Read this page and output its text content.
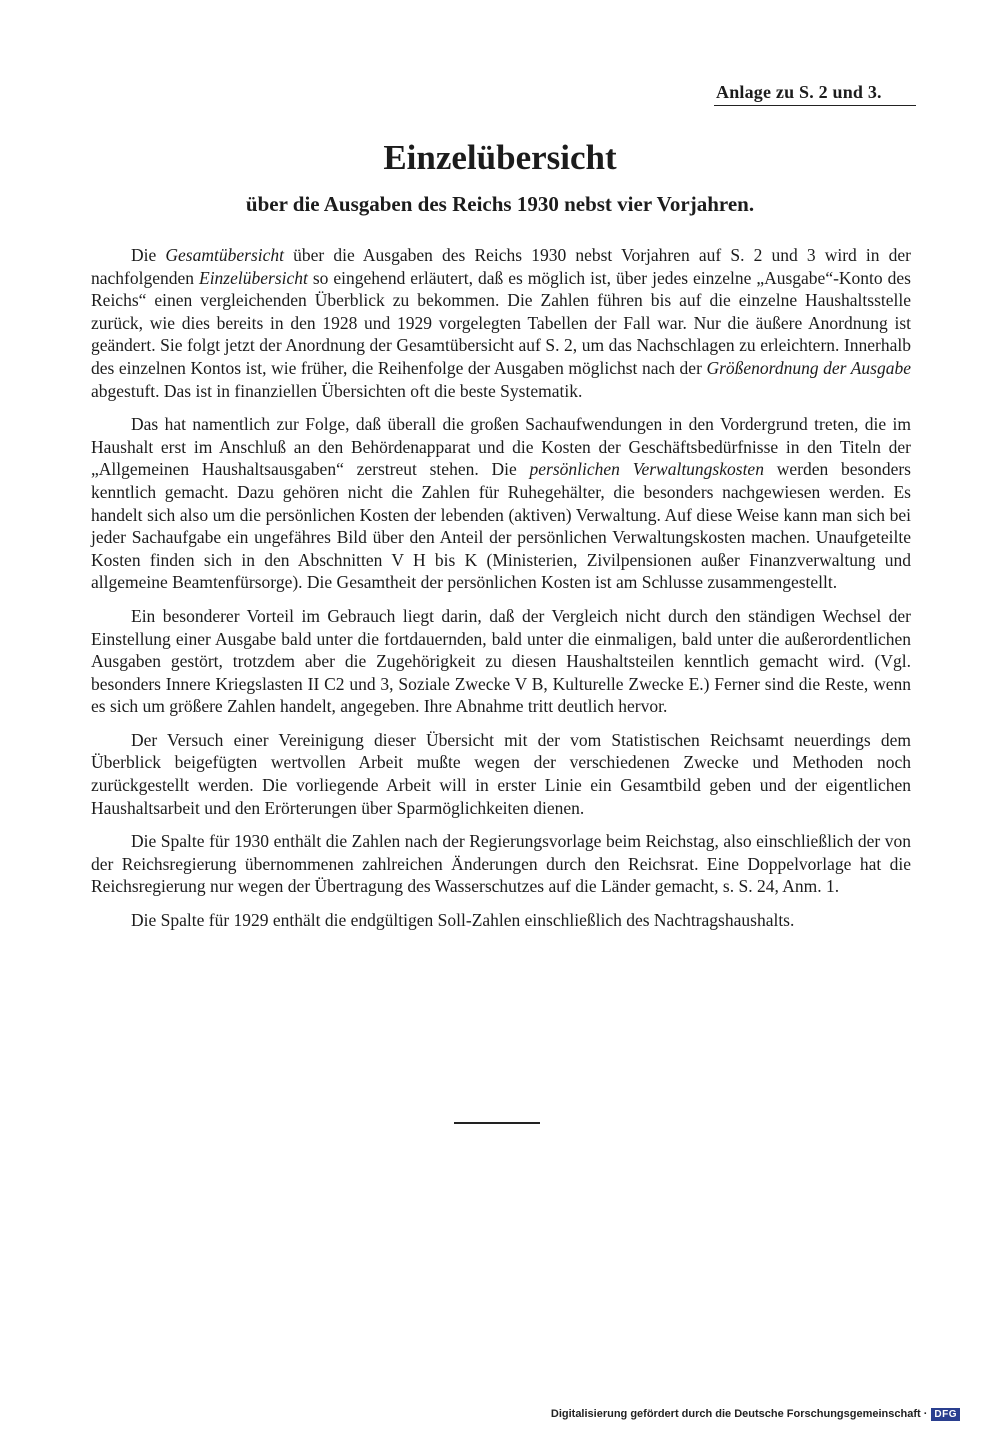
Anlage zu S. 2 und 3.
Einzelübersicht
über die Ausgaben des Reichs 1930 nebst vier Vorjahren.

Die Gesamtübersicht über die Ausgaben des Reichs 1930 nebst Vorjahren auf S. 2 und 3 wird in der nachfolgenden Einzelübersicht so eingehend erläutert, daß es möglich ist, über jedes einzelne „Ausgabe“-Konto des Reichs“ einen vergleichenden Überblick zu bekommen. Die Zahlen führen bis auf die einzelne Haushaltsstelle zurück, wie dies bereits in den 1928 und 1929 vorgelegten Tabellen der Fall war. Nur die äußere Anordnung ist geändert. Sie folgt jetzt der Anordnung der Gesamtübersicht auf S. 2, um das Nachschlagen zu erleichtern. Innerhalb des einzelnen Kontos ist, wie früher, die Reihenfolge der Ausgaben möglichst nach der Größenordnung der Ausgabe abgestuft. Das ist in finanziellen Übersichten oft die beste Systematik.

Das hat namentlich zur Folge, daß überall die großen Sachaufwendungen in den Vordergrund treten, die im Haushalt erst im Anschluß an den Behördenapparat und die Kosten der Geschäftsbedürfnisse in den Titeln der „Allgemeinen Haushaltsausgaben“ zerstreut stehen. Die persönlichen Verwaltungskosten werden besonders kenntlich gemacht. Dazu gehören nicht die Zahlen für Ruhegehälter, die besonders nachgewiesen werden. Es handelt sich also um die persönlichen Kosten der lebenden (aktiven) Verwaltung. Auf diese Weise kann man sich bei jeder Sachaufgabe ein ungefähres Bild über den Anteil der persönlichen Verwaltungskosten machen. Unaufgeteilte Kosten finden sich in den Abschnitten V H bis K (Ministerien, Zivilpensionen außer Finanzverwaltung und allgemeine Beamtenfürsorge). Die Gesamtheit der persönlichen Kosten ist am Schlusse zusammengestellt.

Ein besonderer Vorteil im Gebrauch liegt darin, daß der Vergleich nicht durch den ständigen Wechsel der Einstellung einer Ausgabe bald unter die fortdauernden, bald unter die einmaligen, bald unter die außerordentlichen Ausgaben gestört, trotzdem aber die Zugehörigkeit zu diesen Haushaltsteilen kenntlich gemacht wird. (Vgl. besonders Innere Kriegslasten II C2 und 3, Soziale Zwecke V B, Kulturelle Zwecke E.) Ferner sind die Reste, wenn es sich um größere Zahlen handelt, angegeben. Ihre Abnahme tritt deutlich hervor.

Der Versuch einer Vereinigung dieser Übersicht mit der vom Statistischen Reichsamt neuerdings dem Überblick beigefügten wertvollen Arbeit mußte wegen der verschiedenen Zwecke und Methoden noch zurückgestellt werden. Die vorliegende Arbeit will in erster Linie ein Gesamtbild geben und der eigentlichen Haushaltsarbeit und den Erörterungen über Sparmöglichkeiten dienen.

Die Spalte für 1930 enthält die Zahlen nach der Regierungsvorlage beim Reichstag, also einschließlich der von der Reichsregierung übernommenen zahlreichen Änderungen durch den Reichsrat. Eine Doppelvorlage hat die Reichsregierung nur wegen der Übertragung des Wasserschutzes auf die Länder gemacht, s. S. 24, Anm. 1.

Die Spalte für 1929 enthält die endgültigen Soll-Zahlen einschließlich des Nachtragshaushalts.

Digitalisierung gefördert durch die Deutsche Forschungsgemeinschaft · DFG
